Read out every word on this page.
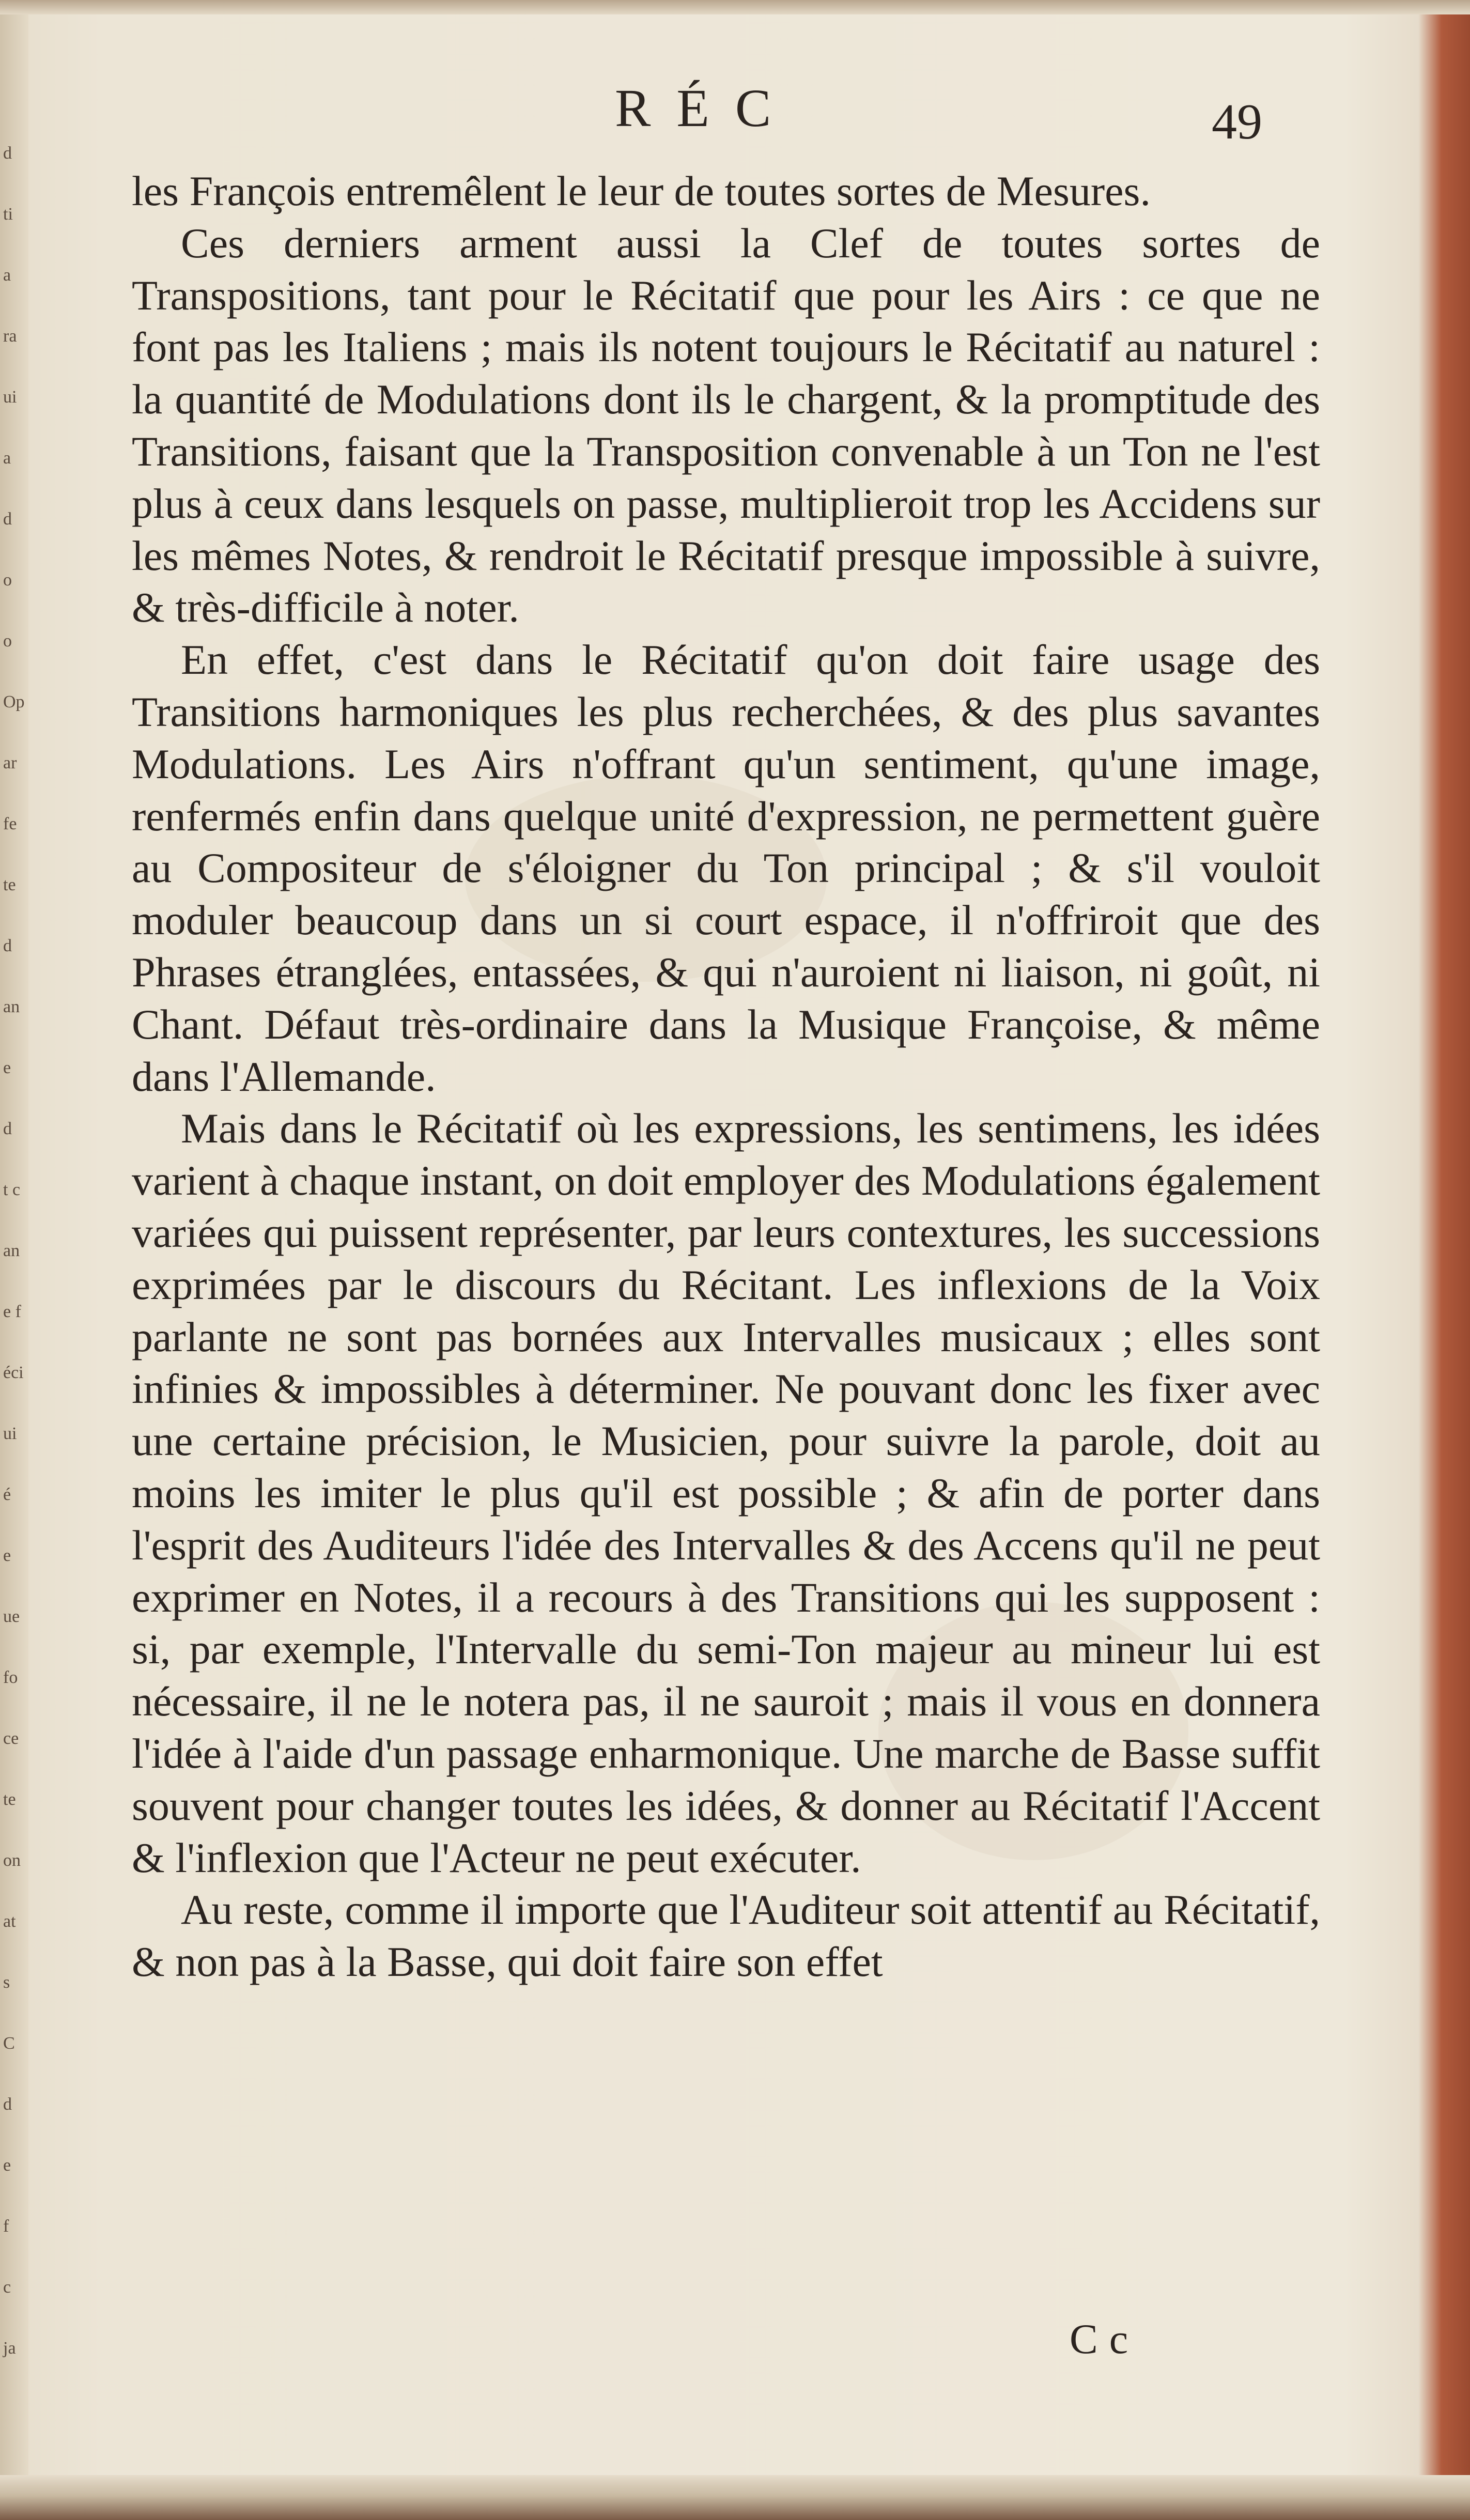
d
ti
a
ra
ui
a
d
o
o
Op
ar
fe
te
d
an
e
d
t c
an
e f
éci
ui
é
e
ue
fo
ce
te
on
at
s
C
d
e
f
c
ja
RÉC	49

les François entremêlent le leur de toutes sortes de Mesures.

Ces derniers arment aussi la Clef de toutes sortes de Transpositions, tant pour le Récitatif que pour les Airs : ce que ne font pas les Italiens ; mais ils notent toujours le Récitatif au naturel : la quantité de Modulations dont ils le chargent, & la promptitude des Transitions, faisant que la Transposition convenable à un Ton ne l'est plus à ceux dans lesquels on passe, multiplieroit trop les Accidens sur les mêmes Notes, & rendroit le Récitatif presque impossible à suivre, & très-difficile à noter.

En effet, c'est dans le Récitatif qu'on doit faire usage des Transitions harmoniques les plus recherchées, & des plus savantes Modulations. Les Airs n'offrant qu'un sentiment, qu'une image, renfermés enfin dans quelque unité d'expression, ne permettent guère au Compositeur de s'éloigner du Ton principal ; & s'il vouloit moduler beaucoup dans un si court espace, il n'offriroit que des Phrases étranglées, entassées, & qui n'auroient ni liaison, ni goût, ni Chant. Défaut très-ordinaire dans la Musique Françoise, & même dans l'Allemande.

Mais dans le Récitatif où les expressions, les sentimens, les idées varient à chaque instant, on doit employer des Modulations également variées qui puissent représenter, par leurs contextures, les successions exprimées par le discours du Récitant. Les inflexions de la Voix parlante ne sont pas bornées aux Intervalles musicaux ; elles sont infinies & impossibles à déterminer. Ne pouvant donc les fixer avec une certaine précision, le Musicien, pour suivre la parole, doit au moins les imiter le plus qu'il est possible ; & afin de porter dans l'esprit des Auditeurs l'idée des Intervalles & des Accens qu'il ne peut exprimer en Notes, il a recours à des Transitions qui les supposent : si, par exemple, l'Intervalle du semi-Ton majeur au mineur lui est nécessaire, il ne le notera pas, il ne sauroit ; mais il vous en donnera l'idée à l'aide d'un passage enharmonique. Une marche de Basse suffit souvent pour changer toutes les idées, & donner au Récitatif l'Accent & l'inflexion que l'Acteur ne peut exécuter.

Au reste, comme il importe que l'Auditeur soit attentif au Récitatif, & non pas à la Basse, qui doit faire son effet

Cc
